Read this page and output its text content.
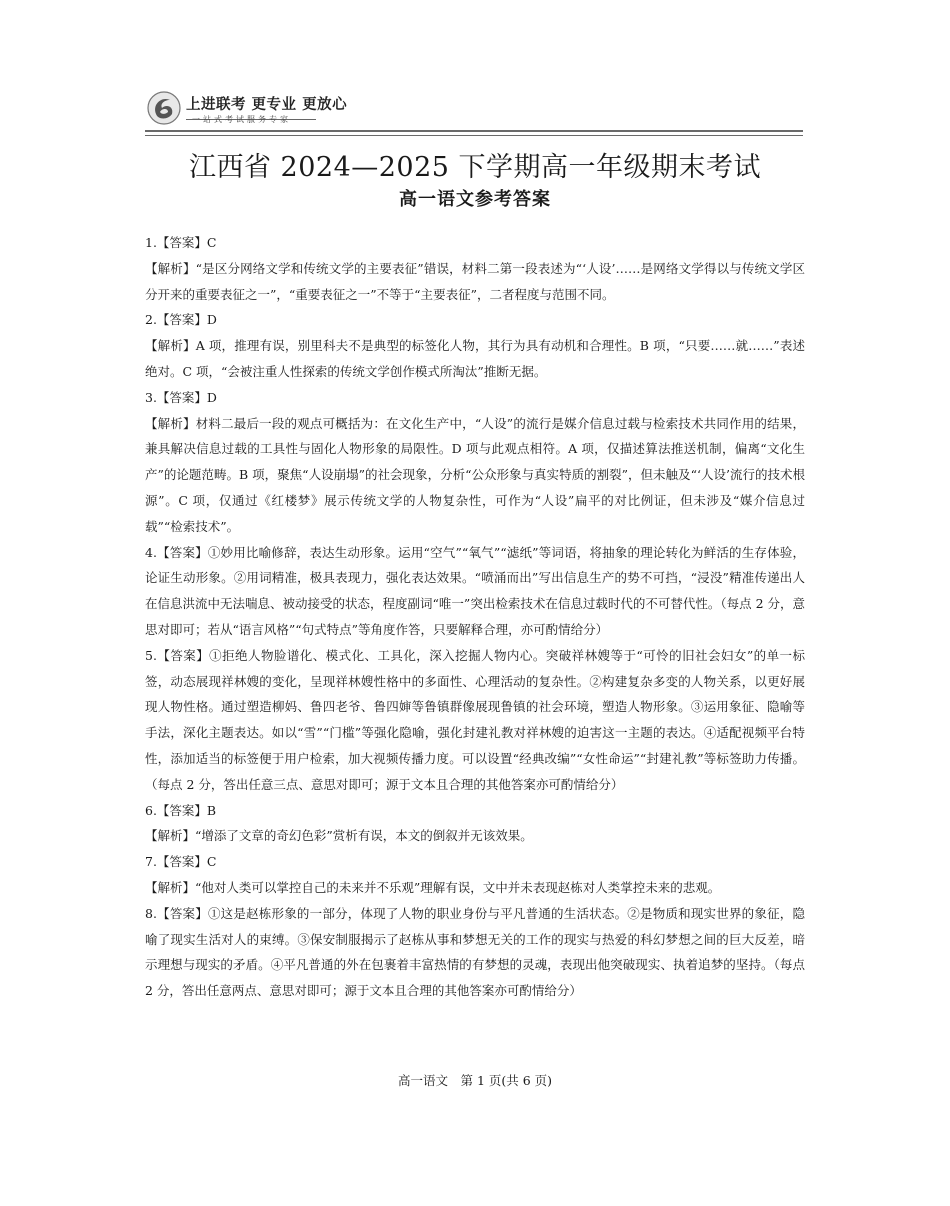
上进联考 更专业 更放心
一站式考试服务专家
江西省 2024—2025 下学期高一年级期末考试
高一语文参考答案
1.【答案】C
【解析】“是区分网络文学和传统文学的主要表征”错误，材料二第一段表述为“‘人设’……是网络文学得以与传统文学区分开来的重要表征之一”，“重要表征之一”不等于“主要表征”，二者程度与范围不同。
2.【答案】D
【解析】A 项，推理有误，别里科夫不是典型的标签化人物，其行为具有动机和合理性。B 项，“只要……就……”表述绝对。C 项，“会被注重人性探索的传统文学创作模式所淘汰”推断无据。
3.【答案】D
【解析】材料二最后一段的观点可概括为：在文化生产中，“人设”的流行是媒介信息过载与检索技术共同作用的结果，兼具解决信息过载的工具性与固化人物形象的局限性。D 项与此观点相符。A 项，仅描述算法推送机制，偏离“文化生产”的论题范畴。B 项，聚焦“人设崩塌”的社会现象，分析“公众形象与真实特质的割裂”，但未触及“‘人设’流行的技术根源”。C 项，仅通过《红楼梦》展示传统文学的人物复杂性，可作为“人设”扁平的对比例证，但未涉及“媒介信息过载”“检索技术”。
4.【答案】①妙用比喻修辞，表达生动形象。运用“空气”“氧气”“滤纸”等词语，将抽象的理论转化为鲜活的生存体验，论证生动形象。②用词精准，极具表现力，强化表达效果。“喷涌而出”写出信息生产的势不可挡，“浸没”精准传递出人在信息洪流中无法喘息、被动接受的状态，程度副词“唯一”突出检索技术在信息过载时代的不可替代性。（每点 2 分，意思对即可；若从“语言风格”“句式特点”等角度作答，只要解释合理，亦可酌情给分）
5.【答案】①拒绝人物脸谱化、模式化、工具化，深入挖掘人物内心。突破祥林嫂等于“可怜的旧社会妇女”的单一标签，动态展现祥林嫂的变化，呈现祥林嫂性格中的多面性、心理活动的复杂性。②构建复杂多变的人物关系，以更好展现人物性格。通过塑造柳妈、鲁四老爷、鲁四婶等鲁镇群像展现鲁镇的社会环境，塑造人物形象。③运用象征、隐喻等手法，深化主题表达。如以“雪”“门槛”等强化隐喻，强化封建礼教对祥林嫂的迫害这一主题的表达。④适配视频平台特性，添加适当的标签便于用户检索，加大视频传播力度。可以设置“经典改编”“女性命运”“封建礼教”等标签助力传播。（每点 2 分，答出任意三点、意思对即可；源于文本且合理的其他答案亦可酌情给分）
6.【答案】B
【解析】“增添了文章的奇幻色彩”赏析有误，本文的倒叙并无该效果。
7.【答案】C
【解析】“他对人类可以掌控自己的未来并不乐观”理解有误，文中并未表现赵栋对人类掌控未来的悲观。
8.【答案】①这是赵栋形象的一部分，体现了人物的职业身份与平凡普通的生活状态。②是物质和现实世界的象征，隐喻了现实生活对人的束缚。③保安制服揭示了赵栋从事和梦想无关的工作的现实与热爱的科幻梦想之间的巨大反差，暗示理想与现实的矛盾。④平凡普通的外在包裹着丰富热情的有梦想的灵魂，表现出他突破现实、执着追梦的坚持。（每点 2 分，答出任意两点、意思对即可；源于文本且合理的其他答案亦可酌情给分）
高一语文　第 1 页(共 6 页)
